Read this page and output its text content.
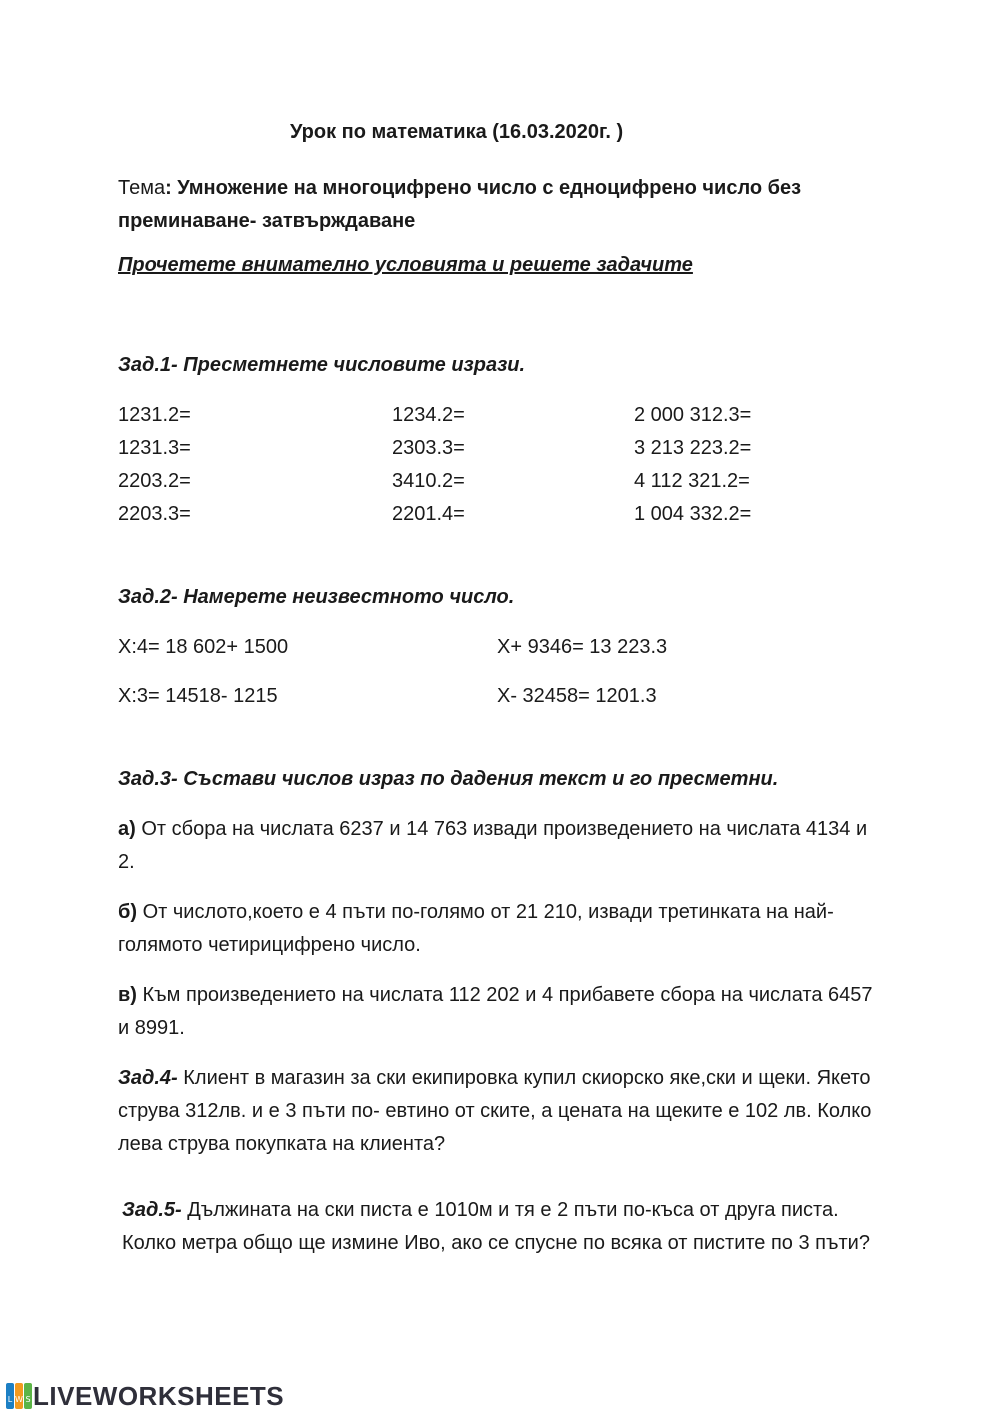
Урок по математика (16.03.2020г. )
Тема: Умножение на многоцифрено число с едноцифрено число без преминаване- затвърждаване
Прочетете внимателно условията и решете задачите
Зад.1- Пресметнете числовите изрази.
1231.2=
1231.3=
2203.2=
2203.3=
1234.2=
2303.3=
3410.2=
2201.4=
2 000 312.3=
3 213 223.2=
4 112 321.2=
1 004 332.2=
Зад.2- Намерете неизвестното число.
X:4= 18 602+ 1500
X:3= 14518- 1215
X+ 9346= 13 223.3
X- 32458= 1201.3
Зад.3- Състави числов израз по дадения текст и го пресметни.
а) От сбора на числата 6237 и 14 763 извади произведението на числата 4134 и 2.
б) От числото,което е 4 пъти по-голямо от 21 210, извади третинката на най-голямото четирицифрено число.
в) Към произведението на числата 112 202 и 4 прибавете сбора на числата 6457 и 8991.
Зад.4- Клиент в магазин за ски екипировка купил скиорско яке,ски и щеки. Якето струва 312лв. и е 3 пъти по- евтино от ските, а цената на щеките е 102 лв. Колко лева струва покупката на клиента?
Зад.5- Дължината на ски писта е 1010м и тя е 2 пъти по-къса от друга писта. Колко метра общо ще измине Иво, ако се спусне по всяка от пистите по 3 пъти?
L W S LIVEWORKSHEETS
